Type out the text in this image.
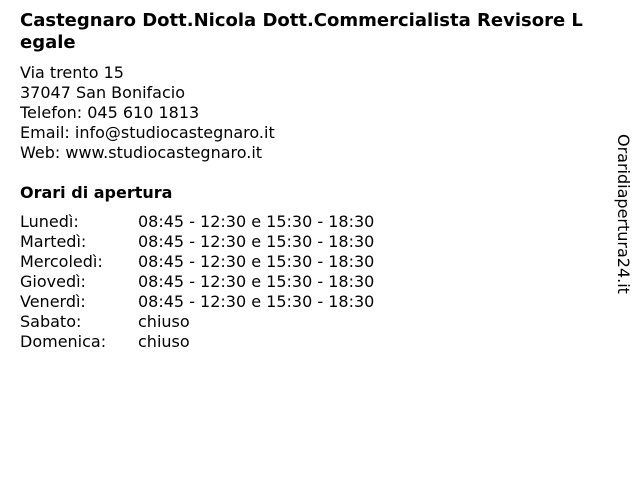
Castegnaro Dott.Nicola Dott.Commercialista Revisore Legale
Via trento 15
37047 San Bonifacio
Telefon: 045 610 1813
Email: info@studiocastegnaro.it
Web: www.studiocastegnaro.it
Orari di apertura
Lunedì:	08:45 - 12:30 e 15:30 - 18:30
Martedì:	08:45 - 12:30 e 15:30 - 18:30
Mercoledì:	08:45 - 12:30 e 15:30 - 18:30
Giovedì:	08:45 - 12:30 e 15:30 - 18:30
Venerdì:	08:45 - 12:30 e 15:30 - 18:30
Sabato:	chiuso
Domenica:	chiuso
Oraridiapertura24.it
